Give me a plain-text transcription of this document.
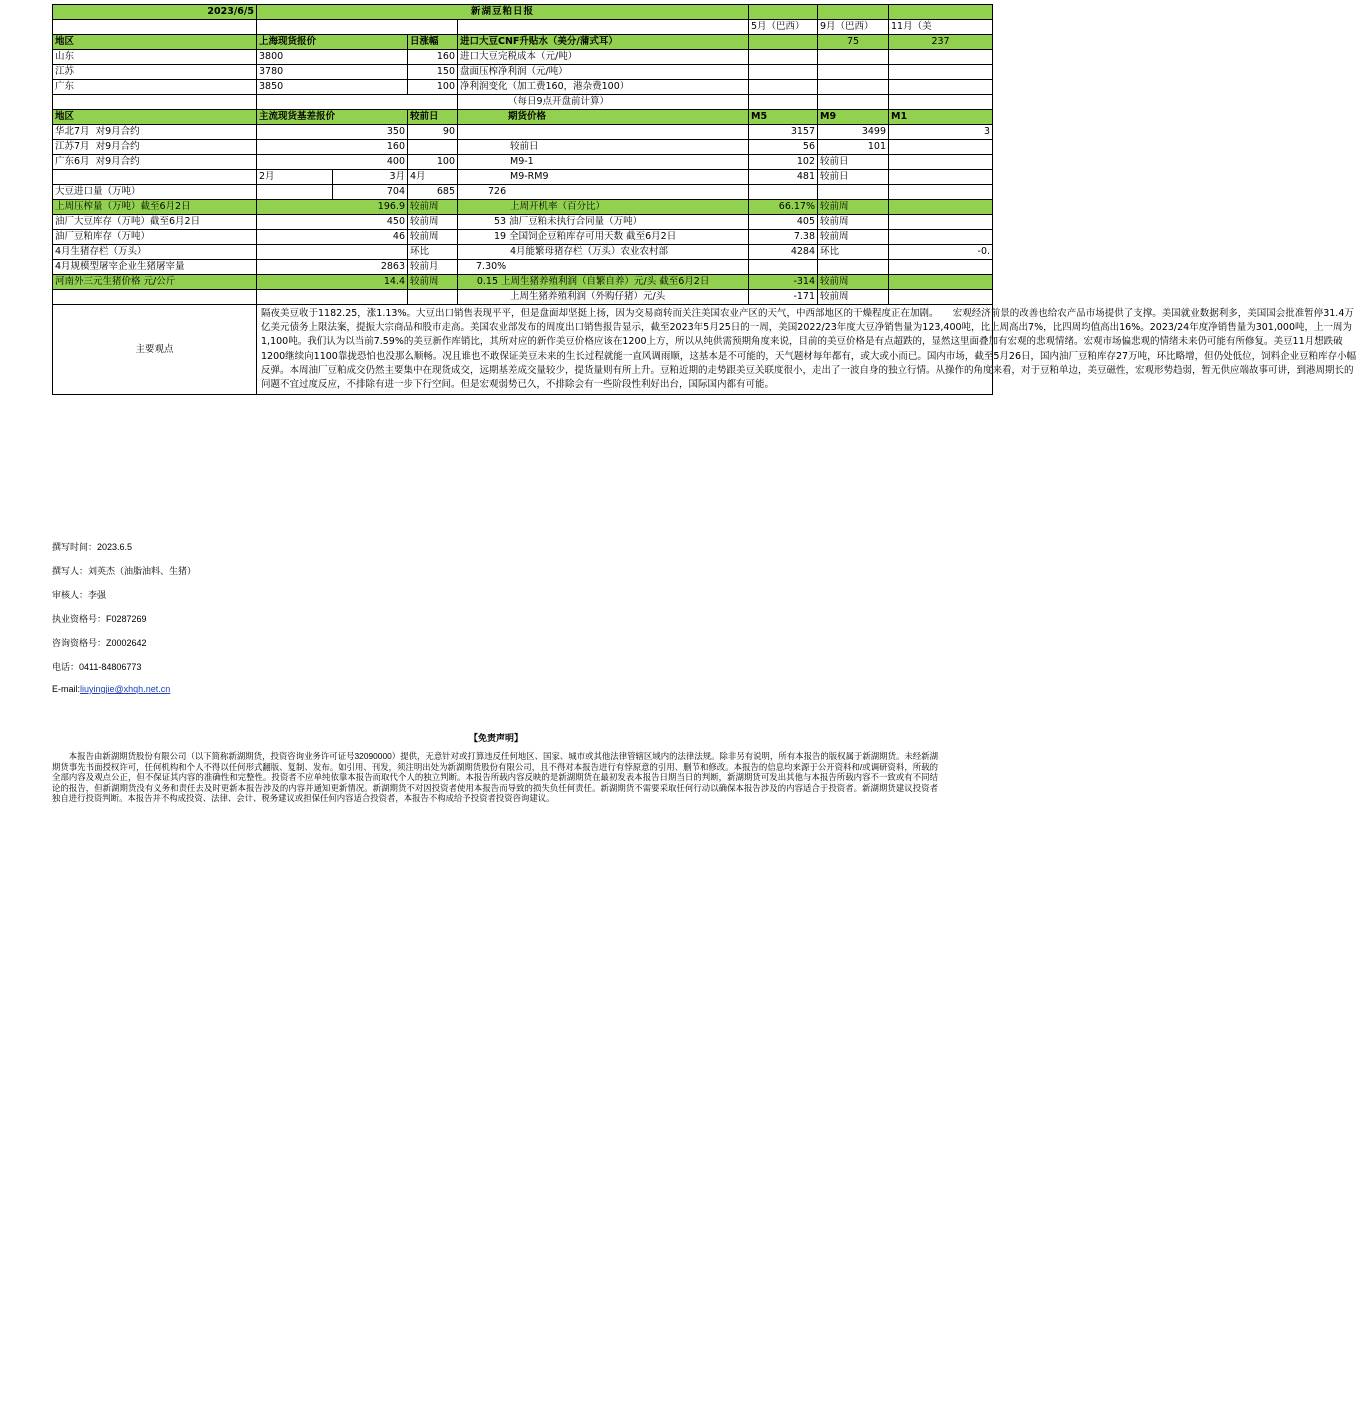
2023/6/5	新湖豆粕日报						
					5月（巴西）	9月（巴西）	11月（美
地区	上海现货报价		日涨幅	进口大豆CNF升贴水（美分/蒲式耳）		75	237
山东	3800		160	进口大豆完税成本（元/吨）			
江苏	3780		150	盘面压榨净利润（元/吨）			
广东	3850		100	净利润变化（加工费160，港杂费100）			
				（每日9点开盘前计算）			
地区	主流现货基差报价		较前日	期货价格	M5	M9	M1
华北7月 对9月合约	350		90		3157	3499	3
江苏7月 对9月合约	160			较前日	56	101	
广东6月 对9月合约	400		100	M9-1	102	较前日	
	2月	3月	4月	M9-RM9	481	较前日	
大豆进口量（万吨）		704	685	726			
上周压榨量（万吨）截至6月2日	196.9		较前周	上周开机率（百分比）	66.17%	较前周	
油厂大豆库存（万吨）截至6月2日	450		较前周	53 油厂豆粕未执行合同量（万吨）	405	较前周	
油厂豆粕库存（万吨）	46		较前周	19 全国饲企豆粕库存可用天数 截至6月2日	7.38	较前周	
4月生猪存栏（万头）			环比	4月能繁母猪存栏（万头）农业农村部	4284	环比	-0.
4月规模型屠宰企业生猪屠宰量	2863		较前月	7.30%			
河南外三元生猪价格 元/公斤	14.4		较前周	0.15 上周生猪养殖利润（自繁自养）元/头 截至6月2日	-314	较前周	
				上周生猪养殖利润（外购仔猪）元/头	-171	较前周	
主要观点	隔夜美豆收于1182.25，涨1.13%。大豆出口销售表现平平，但是盘面却坚挺上扬，因为交易商转而关注美国农业产区的天气，中西部地区的干燥程度正在加剧。　　宏观经济前景的改善也给农产品市场提供了支撑。美国就业数据利多，美国国会批准暂停31.4万亿美元债务上限法案，提振大宗商品和股市走高。美国农业部发布的周度出口销售报告显示，截至2023年5月25日的一周，美国2022/23年度大豆净销售量为123,400吨，比上周高出7%，比四周均值高出16%。2023/24年度净销售量为301,000吨，上一周为1,100吨。我们认为以当前7.59%的美豆新作库销比，其所对应的新作美豆价格应该在1200上方，所以从纯供需预期角度来说，目前的美豆价格是有点超跌的，显然这里面叠加有宏观的悲观情绪。宏观市场偏悲观的情绪未来仍可能有所修复。美豆11月想跌破1200继续向1100靠拢恐怕也没那么顺畅。况且谁也不敢保证美豆未来的生长过程就能一直风调雨顺，这基本是不可能的，天气题材每年都有，或大或小而已。国内市场，截至5月26日，国内油厂豆粕库存27万吨，环比略增，但仍处低位，饲料企业豆粕库存小幅反弹。本周油厂豆粕成交仍然主要集中在现货成交，远期基差成交量较少，提货量则有所上升。豆粕近期的走势跟美豆关联度很小，走出了一波自身的独立行情。从操作的角度来看，对于豆粕单边，美豆磁性，宏观形势趋弱，暂无供应端故事可讲，到港周期长的问题不宜过度反应，不排除有进一步下行空间。但是宏观弱势已久，不排除会有一些阶段性利好出台，国际国内都有可能。						
撰写时间：2023.6.5
撰写人：刘英杰（油脂油料、生猪）
审核人：李强
执业资格号：F0287269
咨询资格号：Z0002642
电话：0411-84806773
E-mail:liuyingjie@xhqh.net.cn
【免责声明】
本报告由新湖期货股份有限公司（以下简称新湖期货，投资咨询业务许可证号32090000）提供，无意针对或打算违反任何地区、国家、城市或其他法律管辖区域内的法律法规。除非另有说明，所有本报告的版权属于新湖期货。未经新湖期货事先书面授权许可，任何机构和个人不得以任何形式翻版、复制、发布。如引用、刊发，须注明出处为新湖期货股份有限公司，且不得对本报告进行有悖原意的引用、删节和修改。本报告的信息均来源于公开资料和/或调研资料，所载的全部内容及观点公正，但不保证其内容的准确性和完整性。投资者不应单纯依靠本报告而取代个人的独立判断。本报告所载内容反映的是新湖期货在最初发表本报告日期当日的判断，新湖期货可发出其他与本报告所载内容不一致或有不同结论的报告，但新湖期货没有义务和责任去及时更新本报告涉及的内容并通知更新情况。新湖期货不对因投资者使用本报告而导致的损失负任何责任。新湖期货不需要采取任何行动以确保本报告涉及的内容适合于投资者。新湖期货建议投资者独自进行投资判断。本报告并不构成投资、法律、会计、税务建议或担保任何内容适合投资者，本报告不构成给予投资者投资咨询建议。
